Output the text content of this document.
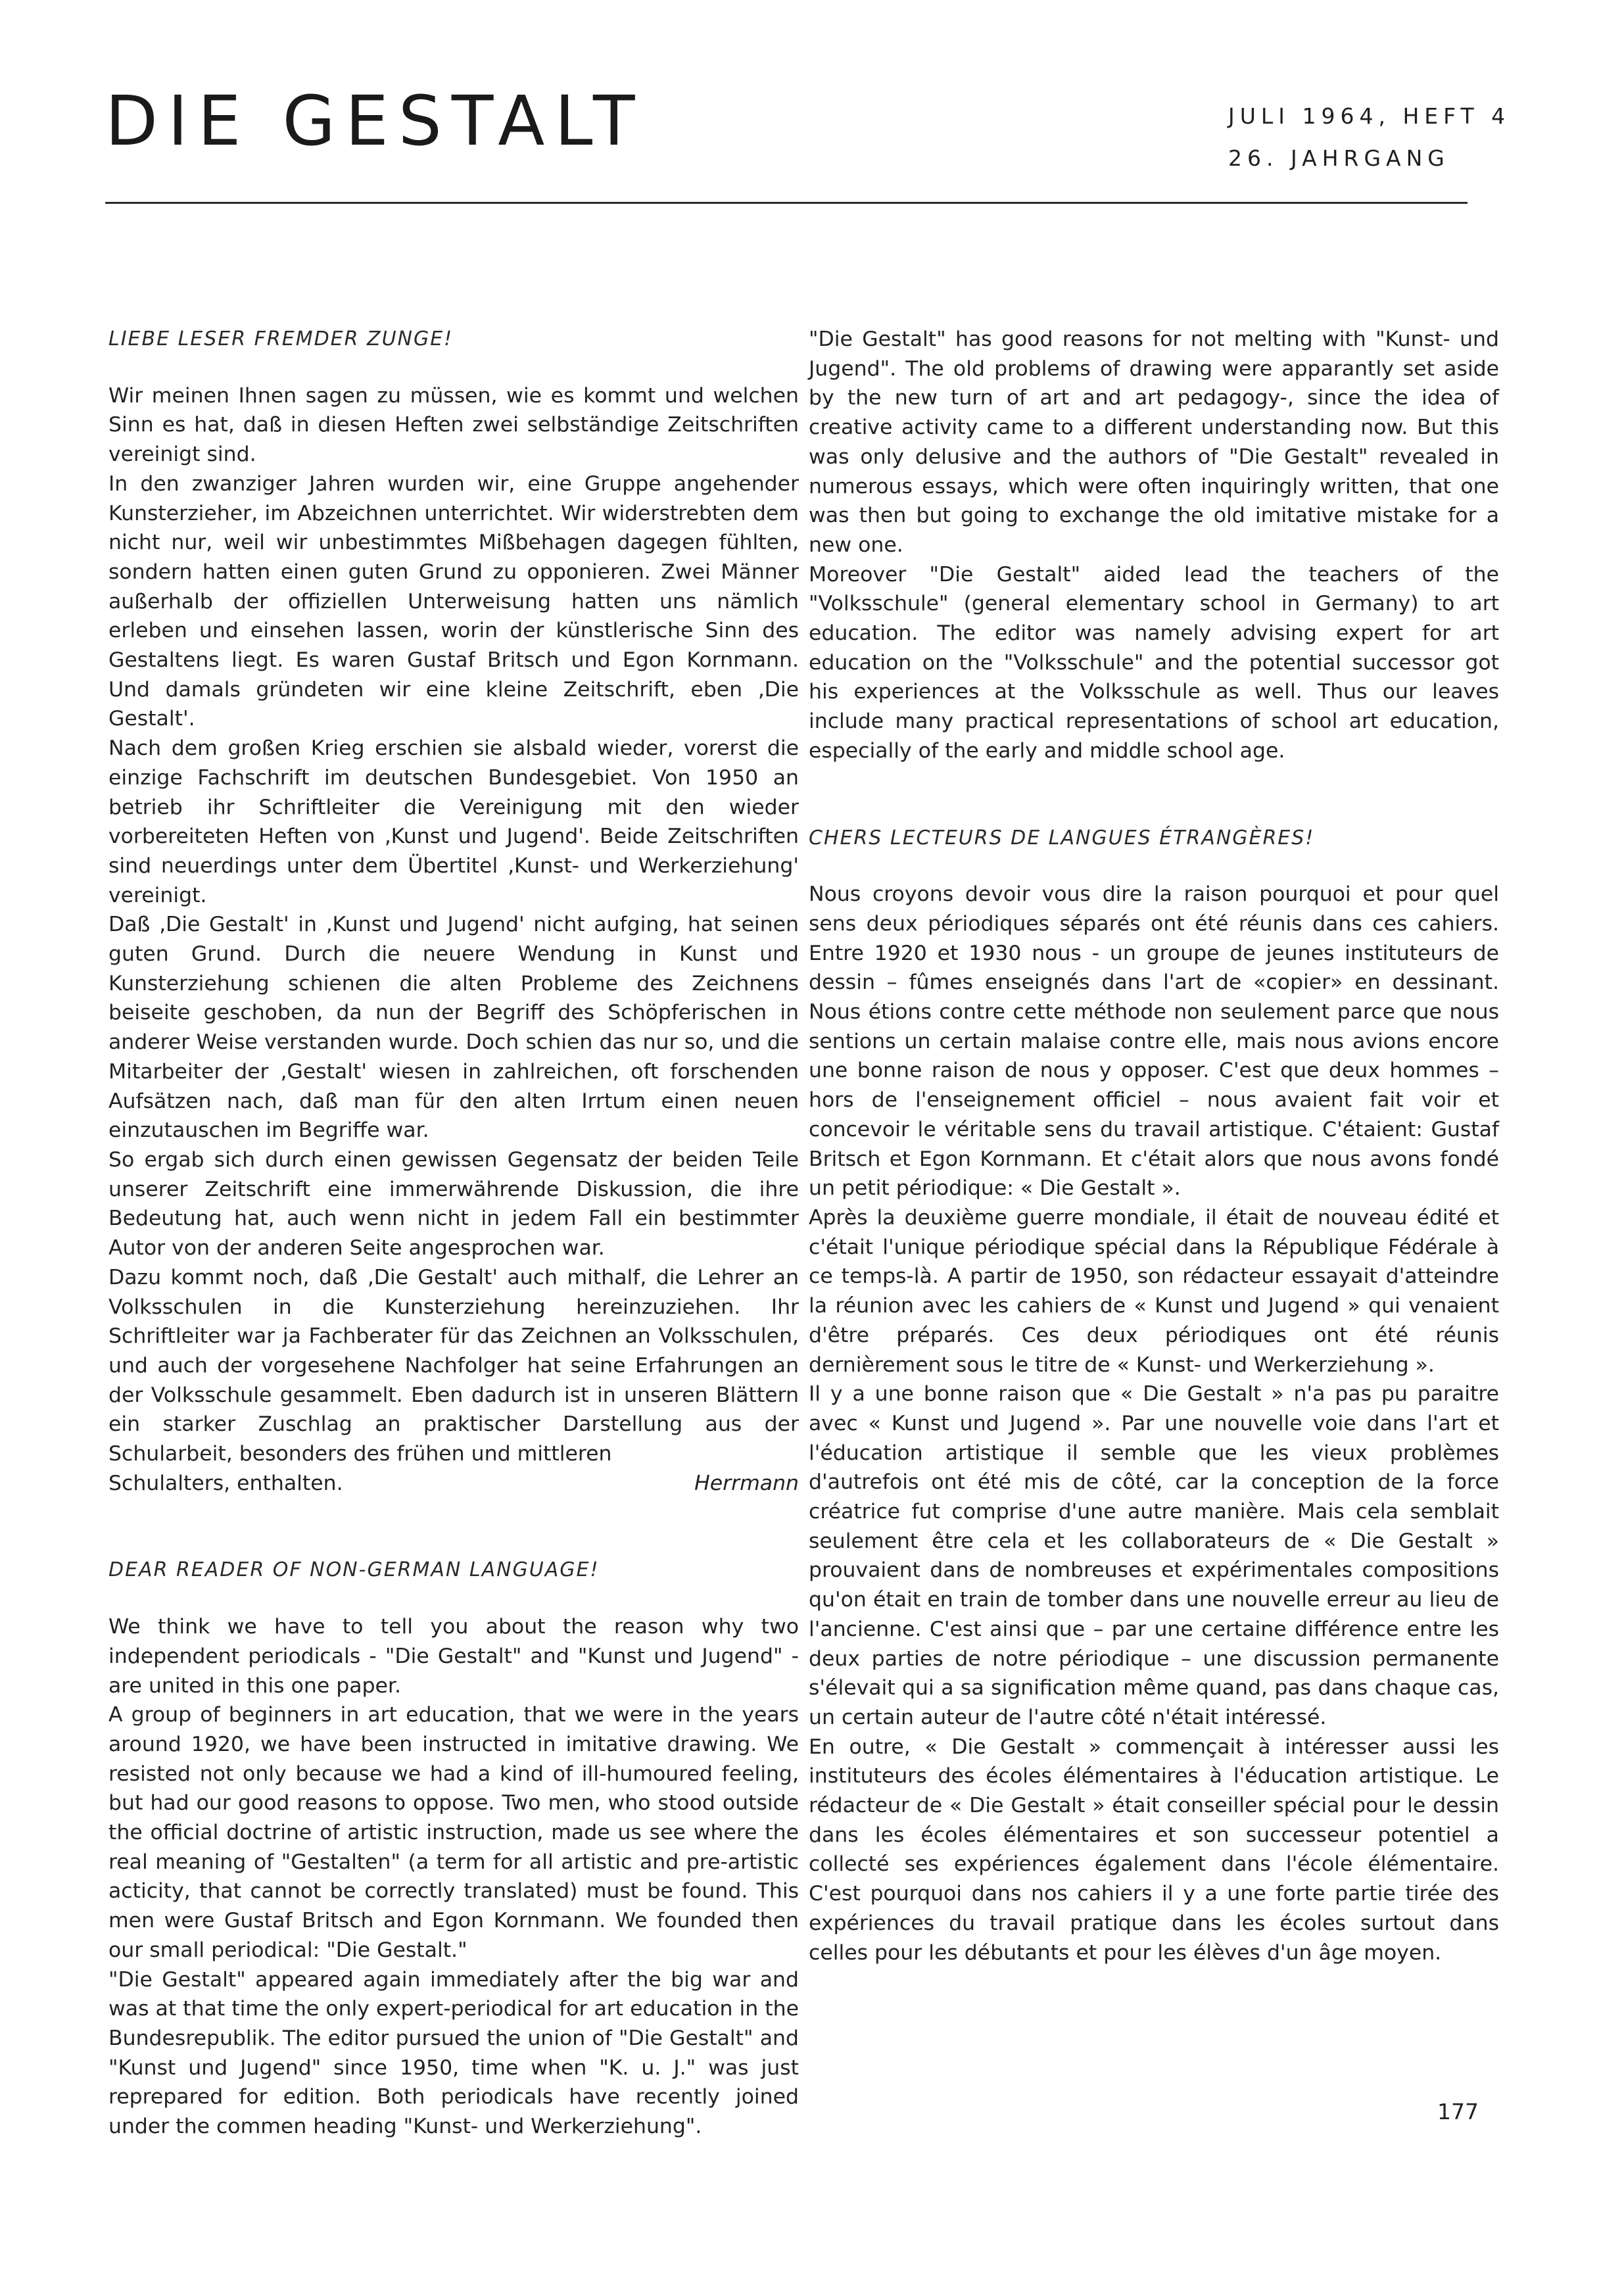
DIE GESTALT	JULI 1964, HEFT 4
26. JAHRGANG
LIEBE LESER FREMDER ZUNGE!

Wir meinen Ihnen sagen zu müssen, wie es kommt und welchen Sinn es hat, daß in diesen Heften zwei selbständige Zeitschriften vereinigt sind.

In den zwanziger Jahren wurden wir, eine Gruppe angehender Kunsterzieher, im Abzeichnen unterrichtet. Wir widerstrebten dem nicht nur, weil wir unbestimmtes Mißbehagen dagegen fühlten, sondern hatten einen guten Grund zu opponieren. Zwei Männer außerhalb der offiziellen Unterweisung hatten uns nämlich erleben und einsehen lassen, worin der künstlerische Sinn des Gestaltens liegt. Es waren Gustaf Britsch und Egon Kornmann. Und damals gründeten wir eine kleine Zeitschrift, eben ‚Die Gestalt'.

Nach dem großen Krieg erschien sie alsbald wieder, vorerst die einzige Fachschrift im deutschen Bundesgebiet. Von 1950 an betrieb ihr Schriftleiter die Vereinigung mit den wieder vorbereiteten Heften von ‚Kunst und Jugend'. Beide Zeitschriften sind neuerdings unter dem Übertitel ‚Kunst- und Werkerziehung' vereinigt.

Daß ‚Die Gestalt' in ‚Kunst und Jugend' nicht aufging, hat seinen guten Grund. Durch die neuere Wendung in Kunst und Kunsterziehung schienen die alten Probleme des Zeichnens beiseite geschoben, da nun der Begriff des Schöpferischen in anderer Weise verstanden wurde. Doch schien das nur so, und die Mitarbeiter der ‚Gestalt' wiesen in zahlreichen, oft forschenden Aufsätzen nach, daß man für den alten Irrtum einen neuen einzutauschen im Begriffe war.

So ergab sich durch einen gewissen Gegensatz der beiden Teile unserer Zeitschrift eine immerwährende Diskussion, die ihre Bedeutung hat, auch wenn nicht in jedem Fall ein bestimmter Autor von der anderen Seite angesprochen war.

Dazu kommt noch, daß ‚Die Gestalt' auch mithalf, die Lehrer an Volksschulen in die Kunsterziehung hereinzuziehen. Ihr Schriftleiter war ja Fachberater für das Zeichnen an Volksschulen, und auch der vorgesehene Nachfolger hat seine Erfahrungen an der Volksschule gesammelt. Eben dadurch ist in unseren Blättern ein starker Zuschlag an praktischer Darstellung aus der Schularbeit, besonders des frühen und mittleren

Schulalters, enthalten.	Herrmann
DEAR READER OF NON-GERMAN LANGUAGE!

We think we have to tell you about the reason why two independent periodicals - "Die Gestalt" and "Kunst und Jugend" - are united in this one paper.

A group of beginners in art education, that we were in the years around 1920, we have been instructed in imitative drawing. We resisted not only because we had a kind of ill-humoured feeling, but had our good reasons to oppose. Two men, who stood outside the official doctrine of artistic instruction, made us see where the real meaning of "Gestalten" (a term for all artistic and pre-artistic acticity, that cannot be correctly translated) must be found. This men were Gustaf Britsch and Egon Kornmann. We founded then our small periodical: "Die Gestalt."

"Die Gestalt" appeared again immediately after the big war and was at that time the only expert-periodical for art education in the Bundesrepublik. The editor pursued the union of "Die Gestalt" and "Kunst und Jugend" since 1950, time when "K. u. J." was just reprepared for edition. Both periodicals have recently joined under the commen heading "Kunst- und Werkerziehung".

"Die Gestalt" has good reasons for not melting with "Kunst- und Jugend". The old problems of drawing were apparantly set aside by the new turn of art and art pedagogy-, since the idea of creative activity came to a different understanding now. But this was only delusive and the authors of "Die Gestalt" revealed in numerous essays, which were often inquiringly written, that one was then but going to exchange the old imitative mistake for a new one.

Moreover "Die Gestalt" aided lead the teachers of the "Volksschule" (general elementary school in Germany) to art education. The editor was namely advising expert for art education on the "Volksschule" and the potential successor got his experiences at the Volksschule as well. Thus our leaves include many practical representations of school art education, especially of the early and middle school age.

CHERS LECTEURS DE LANGUES ÉTRANGÈRES!

Nous croyons devoir vous dire la raison pourquoi et pour quel sens deux périodiques séparés ont été réunis dans ces cahiers. Entre 1920 et 1930 nous - un groupe de jeunes instituteurs de dessin – fûmes enseignés dans l'art de «copier» en dessinant. Nous étions contre cette méthode non seulement parce que nous sentions un certain malaise contre elle, mais nous avions encore une bonne raison de nous y opposer. C'est que deux hommes – hors de l'enseignement officiel – nous avaient fait voir et concevoir le véritable sens du travail artistique. C'étaient: Gustaf Britsch et Egon Kornmann. Et c'était alors que nous avons fondé un petit périodique: « Die Gestalt ».

Après la deuxième guerre mondiale, il était de nouveau édité et c'était l'unique périodique spécial dans la République Fédérale à ce temps-là. A partir de 1950, son rédacteur essayait d'atteindre la réunion avec les cahiers de « Kunst und Jugend » qui venaient d'être préparés. Ces deux périodiques ont été réunis dernièrement sous le titre de « Kunst- und Werkerziehung ».

Il y a une bonne raison que « Die Gestalt » n'a pas pu paraitre avec « Kunst und Jugend ». Par une nouvelle voie dans l'art et l'éducation artistique il semble que les vieux problèmes d'autrefois ont été mis de côté, car la conception de la force créatrice fut comprise d'une autre manière. Mais cela semblait seulement être cela et les collaborateurs de « Die Gestalt » prouvaient dans de nombreuses et expérimentales compositions qu'on était en train de tomber dans une nouvelle erreur au lieu de l'ancienne. C'est ainsi que – par une certaine différence entre les deux parties de notre périodique – une discussion permanente s'élevait qui a sa signification même quand, pas dans chaque cas, un certain auteur de l'autre côté n'était intéressé.

En outre, « Die Gestalt » commençait à intéresser aussi les instituteurs des écoles élémentaires à l'éducation artistique. Le rédacteur de « Die Gestalt » était conseiller spécial pour le dessin dans les écoles élémentaires et son successeur potentiel a collecté ses expériences également dans l'école élémentaire. C'est pourquoi dans nos cahiers il y a une forte partie tirée des expériences du travail pratique dans les écoles surtout dans celles pour les débutants et pour les élèves d'un âge moyen.

177
